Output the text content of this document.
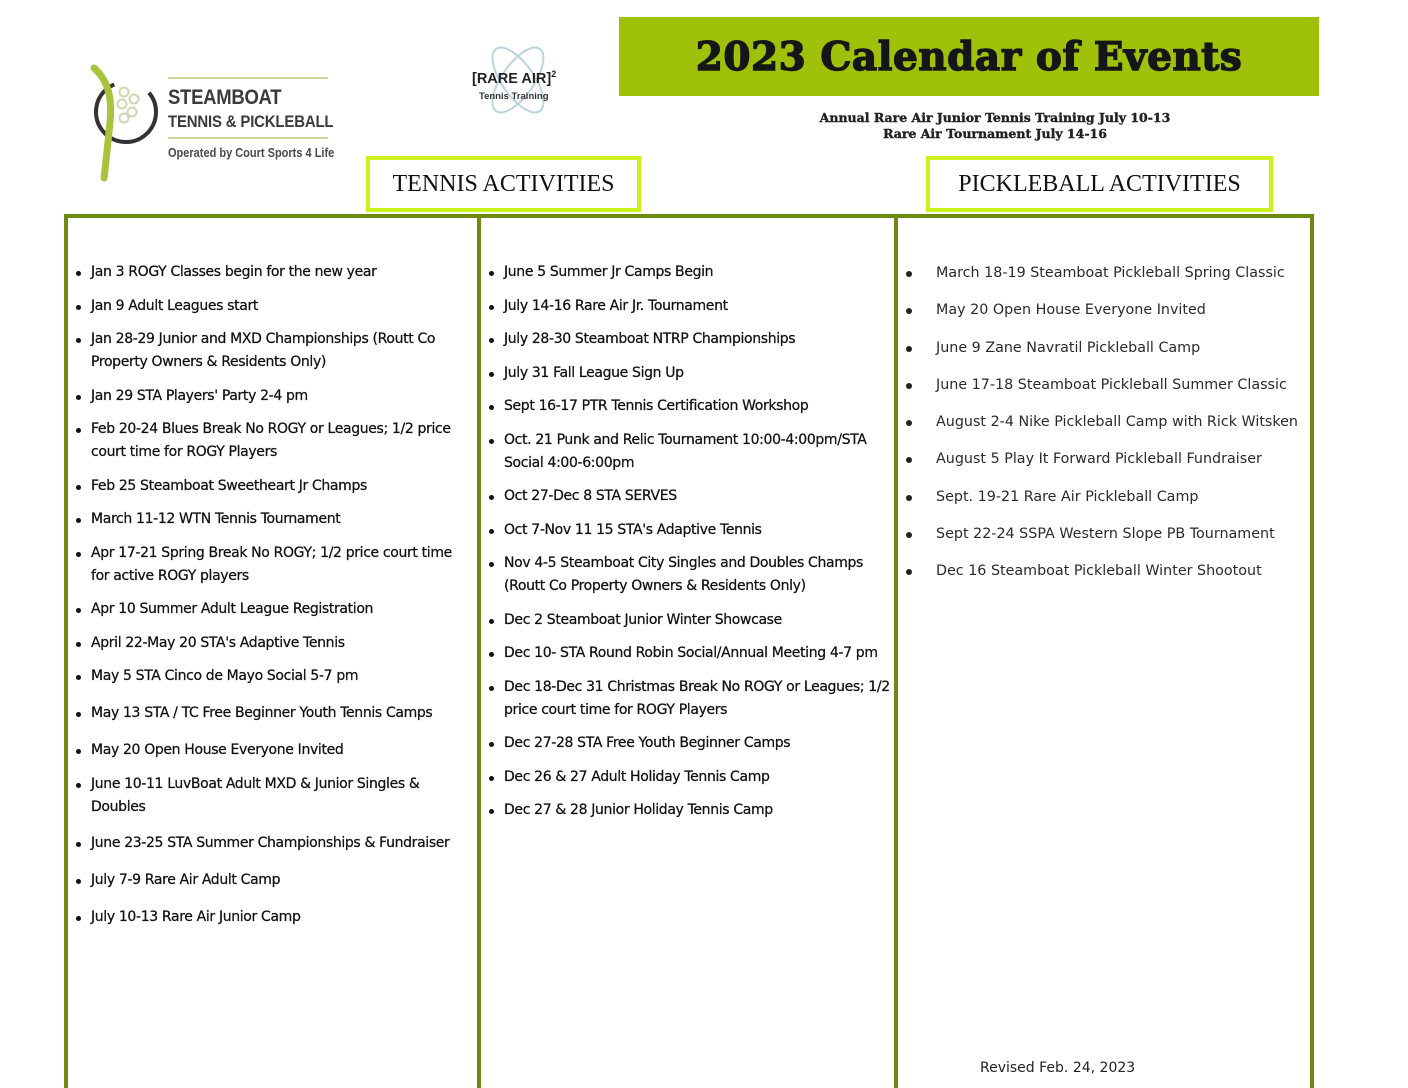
STEAMBOAT
TENNIS & PICKLEBALL
Operated by Court Sports 4 Life
[RARE AIR]$^2$
Tennis Training
2023 Calendar of Events
Annual Rare Air Junior Tennis Training July 10-13
Rare Air Tournament July 14-16
TENNIS ACTIVITIES	PICKLEBALL ACTIVITIES
Jan 3 ROGY Classes begin for the new year
Jan 9 Adult Leagues start
Jan 28-29 Junior and MXD Championships (Routt Co Property Owners & Residents Only)
Jan 29 STA Players' Party 2-4 pm
Feb 20-24 Blues Break No ROGY or Leagues; 1/2 price court time for ROGY Players
Feb 25 Steamboat Sweetheart Jr Champs
March 11-12 WTN Tennis Tournament
Apr 17-21 Spring Break No ROGY; 1/2 price court time for active ROGY players
Apr 10 Summer Adult League Registration
April 22-May 20 STA's Adaptive Tennis
May 5 STA Cinco de Mayo Social 5-7 pm
May 13 STA / TC Free Beginner Youth Tennis Camps
May 20 Open House Everyone Invited
June 10-11 LuvBoat Adult MXD & Junior Singles & Doubles
June 23-25 STA Summer Championships & Fundraiser
July 7-9 Rare Air Adult Camp
July 10-13 Rare Air Junior Camp
June 5 Summer Jr Camps Begin
July 14-16 Rare Air Jr. Tournament
July 28-30 Steamboat NTRP Championships
July 31 Fall League Sign Up
Sept 16-17 PTR Tennis Certification Workshop
Oct. 21 Punk and Relic Tournament 10:00-4:00pm/STA Social 4:00-6:00pm
Oct 27-Dec 8 STA SERVES
Oct 7-Nov 11 15 STA's Adaptive Tennis
Nov 4-5 Steamboat City Singles and Doubles Champs (Routt Co Property Owners & Residents Only)
Dec 2 Steamboat Junior Winter Showcase
Dec 10- STA Round Robin Social/Annual Meeting 4-7 pm
Dec 18-Dec 31 Christmas Break No ROGY or Leagues; 1/2 price court time for ROGY Players
Dec 27-28 STA Free Youth Beginner Camps
Dec 26 & 27 Adult Holiday Tennis Camp
Dec 27 & 28 Junior Holiday Tennis Camp
March 18-19 Steamboat Pickleball Spring Classic
May 20 Open House Everyone Invited
June 9 Zane Navratil Pickleball Camp
June 17-18 Steamboat Pickleball Summer Classic
August 2-4 Nike Pickleball Camp with Rick Witsken
August 5 Play It Forward Pickleball Fundraiser
Sept. 19-21 Rare Air Pickleball Camp
Sept 22-24 SSPA Western Slope PB Tournament
Dec 16 Steamboat Pickleball Winter Shootout
Revised Feb. 24, 2023
